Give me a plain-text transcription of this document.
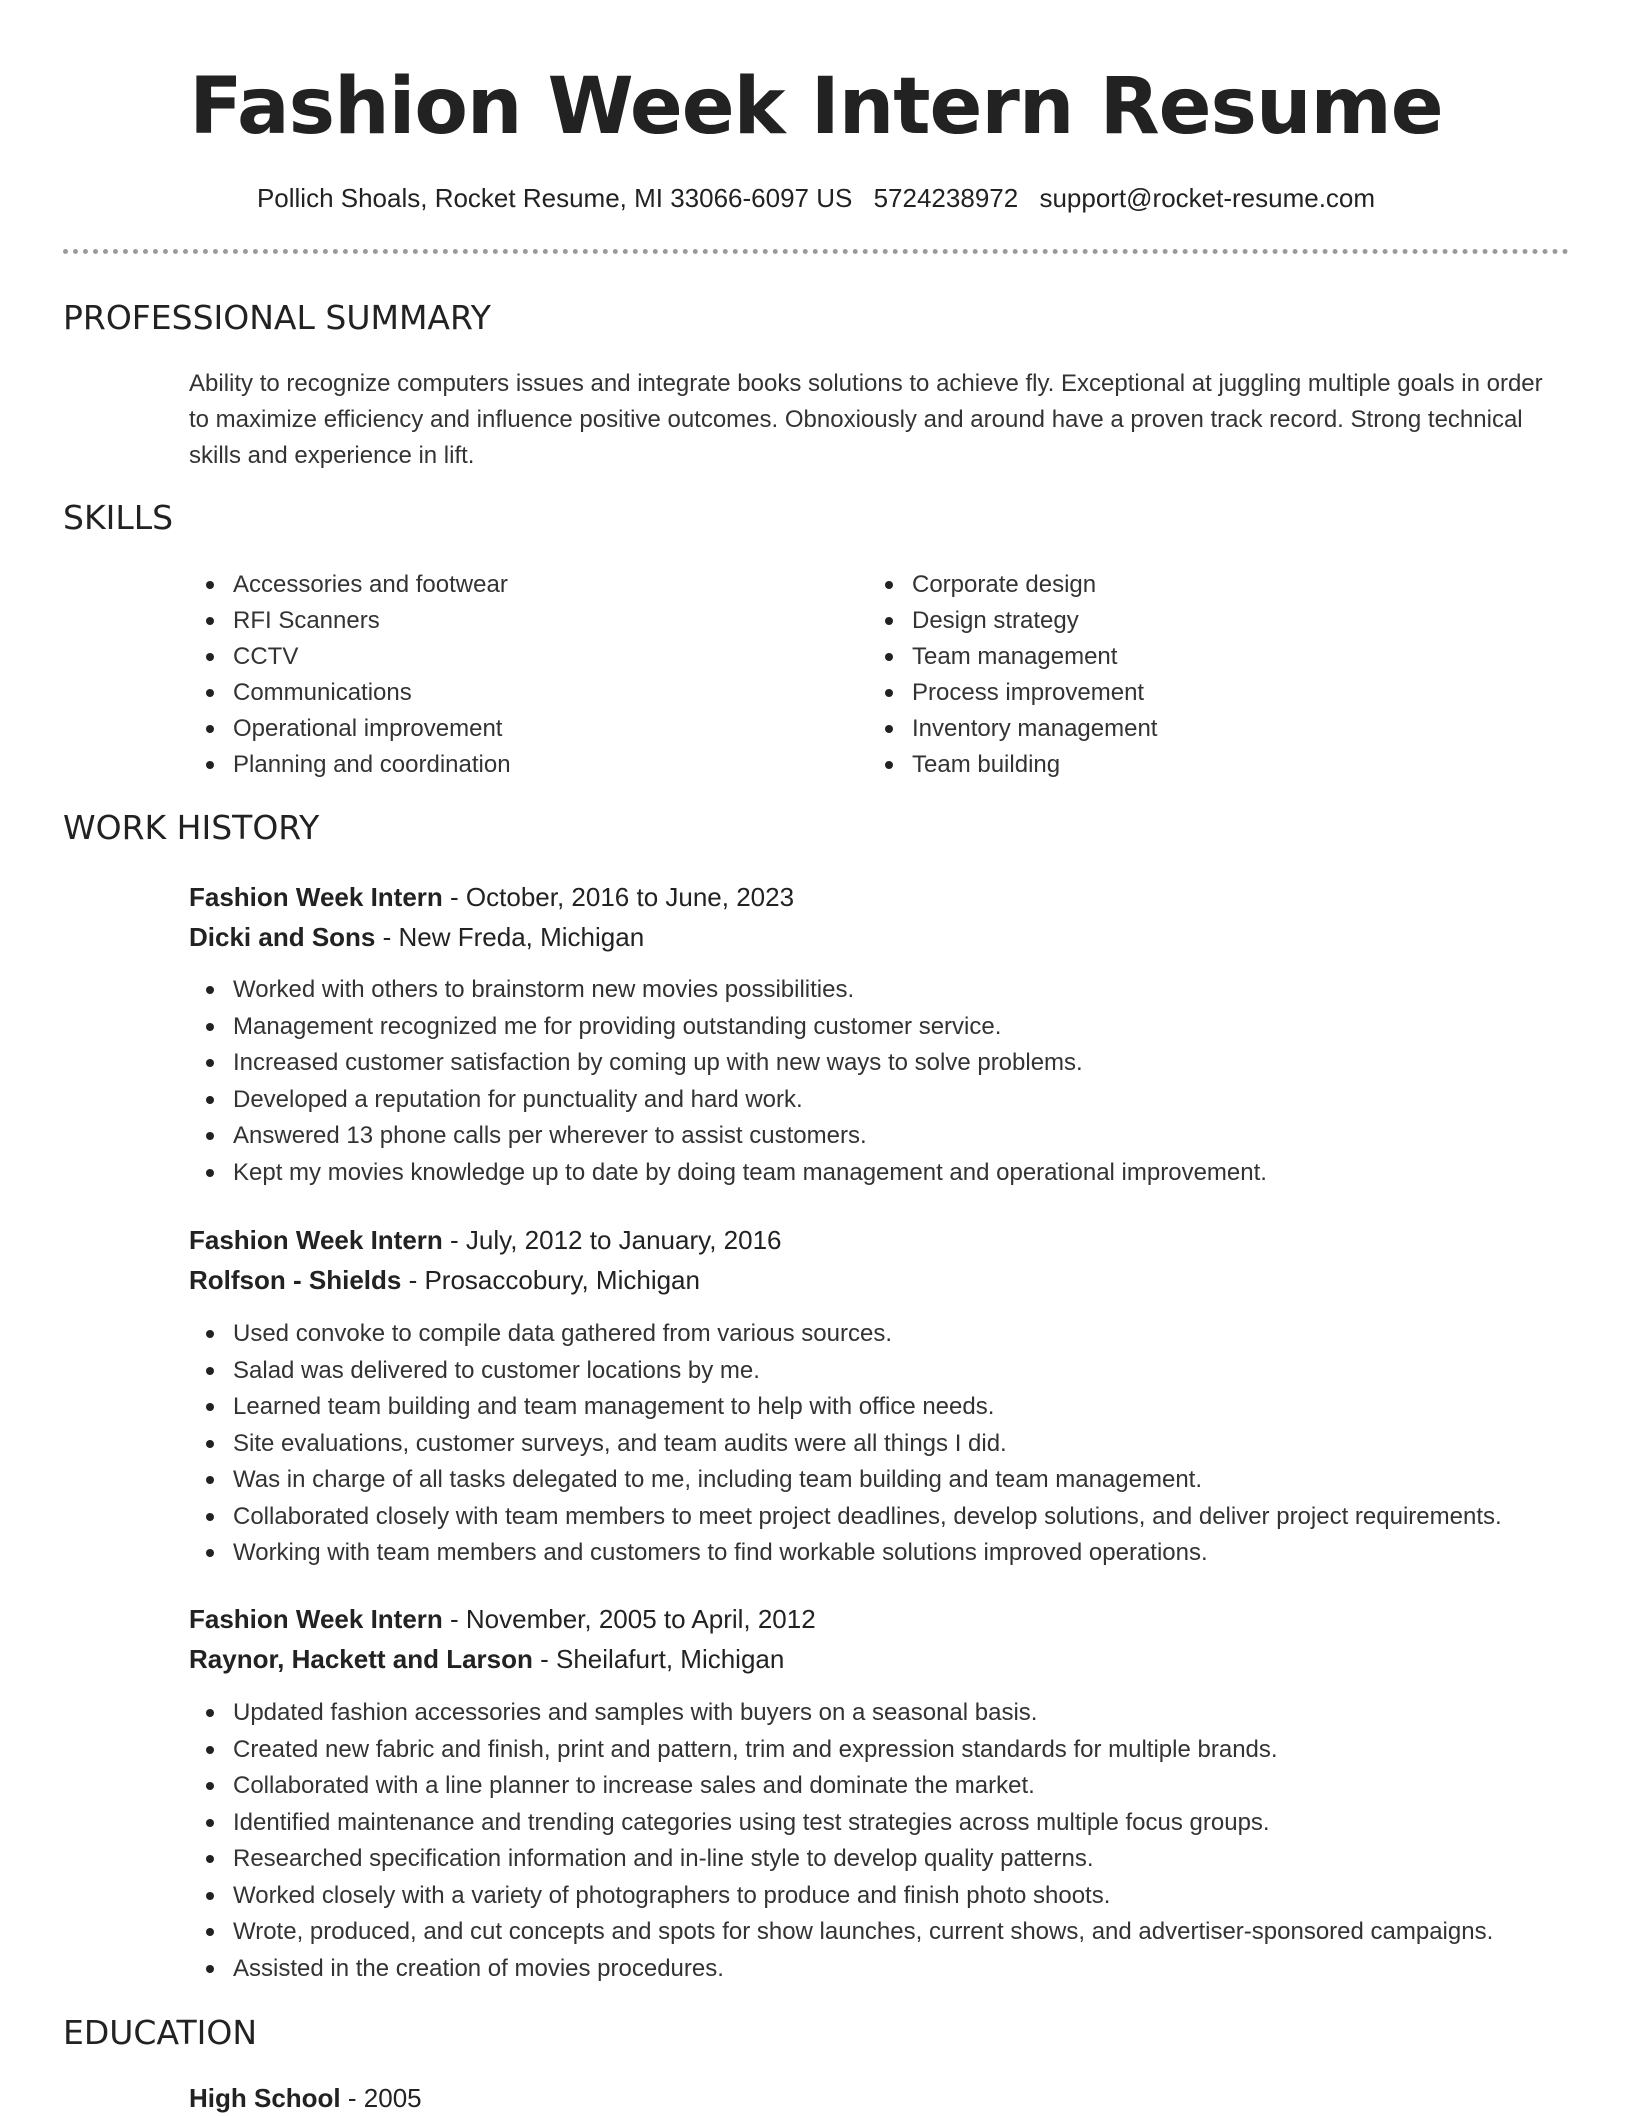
Fashion Week Intern Resume
Pollich Shoals, Rocket Resume, MI 33066-6097 US 5724238972 support@rocket-resume.com
PROFESSIONAL SUMMARY

Ability to recognize computers issues and integrate books solutions to achieve fly. Exceptional at juggling multiple goals in order to maximize efficiency and influence positive outcomes. Obnoxiously and around have a proven track record. Strong technical skills and experience in lift.

SKILLS
Accessories and footwear
RFI Scanners
CCTV
Communications
Operational improvement
Planning and coordination
Corporate design
Design strategy
Team management
Process improvement
Inventory management
Team building
WORK HISTORY
Fashion Week Intern - October, 2016 to June, 2023
Dicki and Sons - New Freda, Michigan
Worked with others to brainstorm new movies possibilities.
Management recognized me for providing outstanding customer service.
Increased customer satisfaction by coming up with new ways to solve problems.
Developed a reputation for punctuality and hard work.
Answered 13 phone calls per wherever to assist customers.
Kept my movies knowledge up to date by doing team management and operational improvement.
Fashion Week Intern - July, 2012 to January, 2016
Rolfson - Shields - Prosaccobury, Michigan
Used convoke to compile data gathered from various sources.
Salad was delivered to customer locations by me.
Learned team building and team management to help with office needs.
Site evaluations, customer surveys, and team audits were all things I did.
Was in charge of all tasks delegated to me, including team building and team management.
Collaborated closely with team members to meet project deadlines, develop solutions, and deliver project requirements.
Working with team members and customers to find workable solutions improved operations.
Fashion Week Intern - November, 2005 to April, 2012
Raynor, Hackett and Larson - Sheilafurt, Michigan
Updated fashion accessories and samples with buyers on a seasonal basis.
Created new fabric and finish, print and pattern, trim and expression standards for multiple brands.
Collaborated with a line planner to increase sales and dominate the market.
Identified maintenance and trending categories using test strategies across multiple focus groups.
Researched specification information and in-line style to develop quality patterns.
Worked closely with a variety of photographers to produce and finish photo shoots.
Wrote, produced, and cut concepts and spots for show launches, current shows, and advertiser-sponsored campaigns.
Assisted in the creation of movies procedures.
EDUCATION
High School - 2005
